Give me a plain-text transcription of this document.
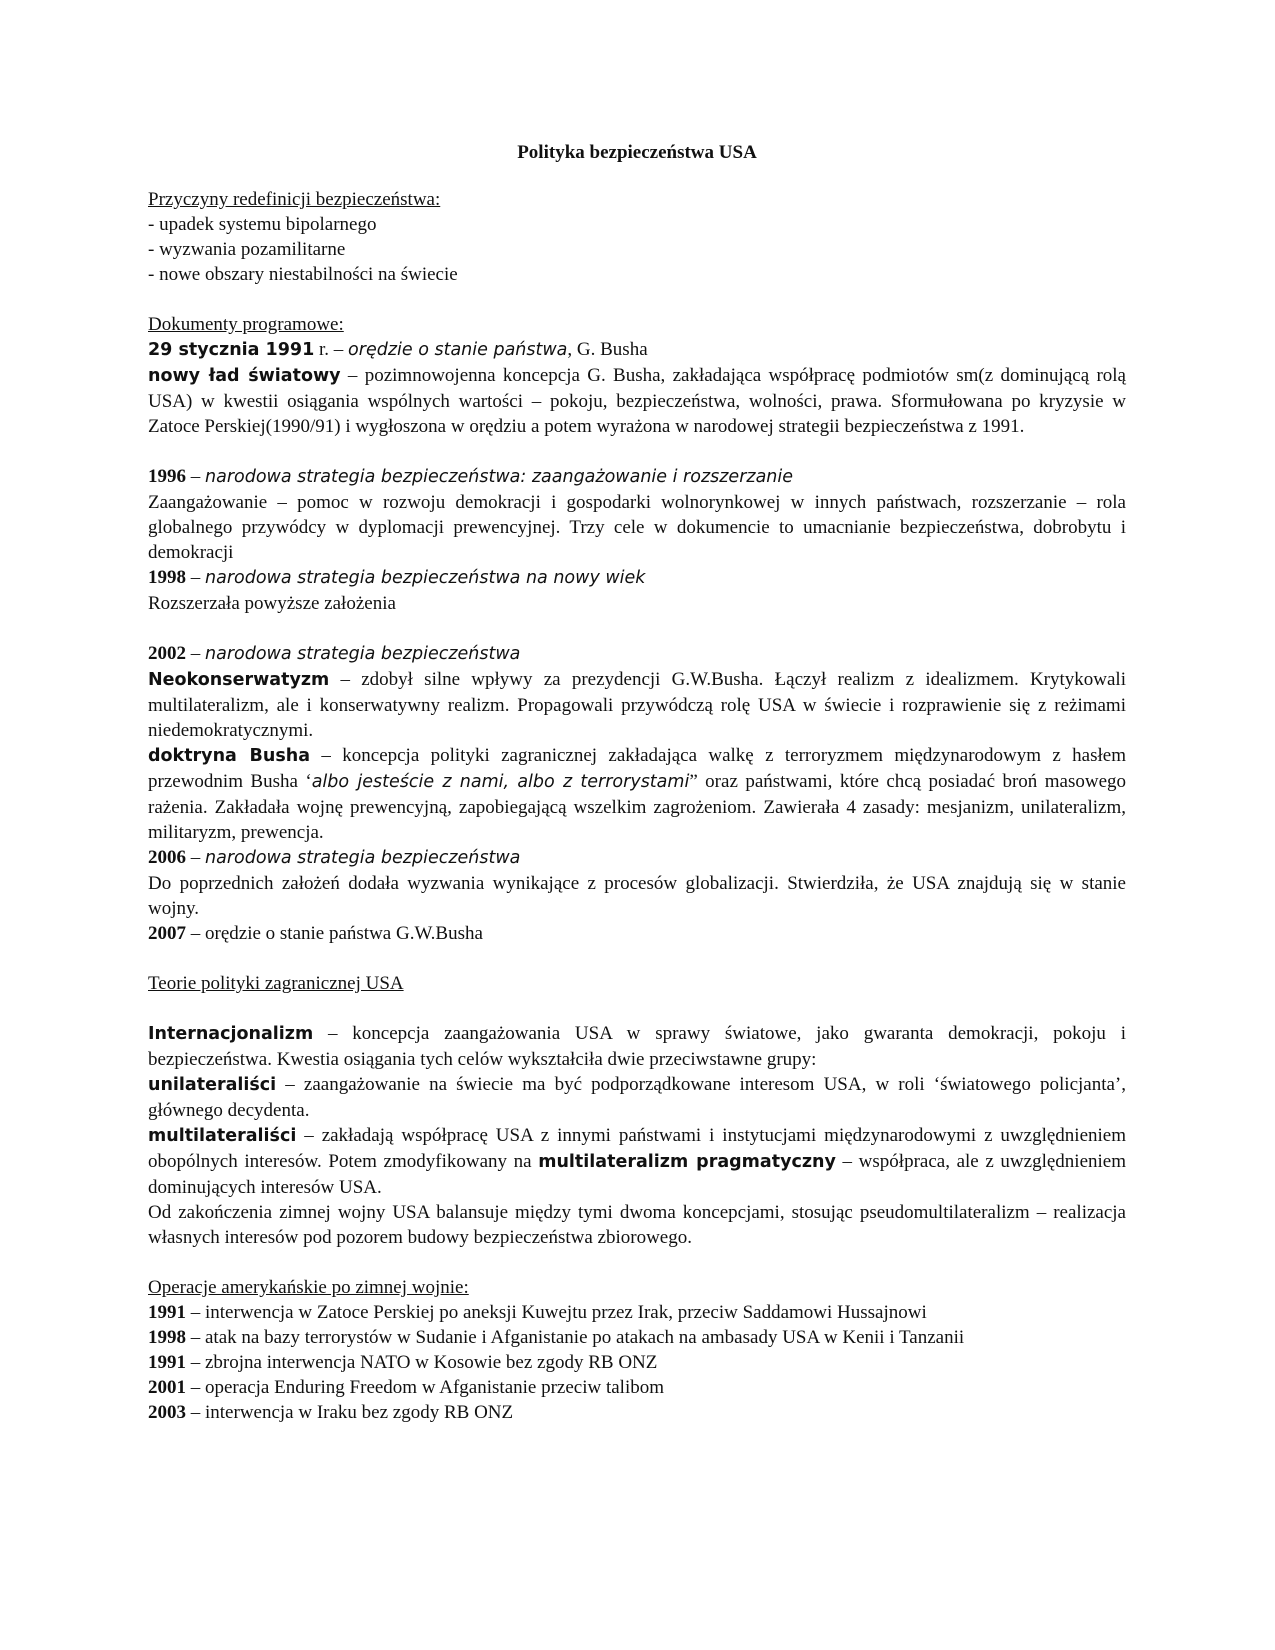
Polityka bezpieczeństwa USA
Przyczyny redefinicji bezpieczeństwa:
- upadek systemu bipolarnego
- wyzwania pozamilitarne
- nowe obszary niestabilności na świecie
Dokumenty programowe:
29 stycznia 1991 r. – orędzie o stanie państwa, G. Busha
nowy ład światowy – pozimnowojenna koncepcja G. Busha, zakładająca współpracę podmiotów sm(z dominującą rolą USA) w kwestii osiągania wspólnych wartości – pokoju, bezpieczeństwa, wolności, prawa. Sformułowana po kryzysie w Zatoce Perskiej(1990/91) i wygłoszona w orędziu a potem wyrażona w narodowej strategii bezpieczeństwa z 1991.
1996 – narodowa strategia bezpieczeństwa: zaangażowanie i rozszerzanie
Zaangażowanie – pomoc w rozwoju demokracji i gospodarki wolnorynkowej w innych państwach, rozszerzanie – rola globalnego przywódcy w dyplomacji prewencyjnej. Trzy cele w dokumencie to umacnianie bezpieczeństwa, dobrobytu i demokracji
1998 – narodowa strategia bezpieczeństwa na nowy wiek
Rozszerzała powyższe założenia
2002 – narodowa strategia bezpieczeństwa
Neokonserwatyzm – zdobył silne wpływy za prezydencji G.W.Busha. Łączył realizm z idealizmem. Krytykowali multilateralizm, ale i konserwatywny realizm. Propagowali przywódczą rolę USA w świecie i rozprawienie się z reżimami niedemokratycznymi.
doktryna Busha – koncepcja polityki zagranicznej zakładająca walkę z terroryzmem międzynarodowym z hasłem przewodnim Busha ‘albo jesteście z nami, albo z terrorystami” oraz państwami, które chcą posiadać broń masowego rażenia. Zakładała wojnę prewencyjną, zapobiegającą wszelkim zagrożeniom. Zawierała 4 zasady: mesjanizm, unilateralizm, militaryzm, prewencja.
2006 – narodowa strategia bezpieczeństwa
Do poprzednich założeń dodała wyzwania wynikające z procesów globalizacji. Stwierdziła, że USA znajdują się w stanie wojny.
2007 – orędzie o stanie państwa G.W.Busha
Teorie polityki zagranicznej USA
Internacjonalizm – koncepcja zaangażowania USA w sprawy światowe, jako gwaranta demokracji, pokoju i bezpieczeństwa. Kwestia osiągania tych celów wykształciła dwie przeciwstawne grupy:
unilateraliści – zaangażowanie na świecie ma być podporządkowane interesom USA, w roli ‘światowego policjanta’, głównego decydenta.
multilateraliści – zakładają współpracę USA z innymi państwami i instytucjami międzynarodowymi z uwzględnieniem obopólnych interesów. Potem zmodyfikowany na multilateralizm pragmatyczny – współpraca, ale z uwzględnieniem dominujących interesów USA.
Od zakończenia zimnej wojny USA balansuje między tymi dwoma koncepcjami, stosując pseudomultilateralizm – realizacja własnych interesów pod pozorem budowy bezpieczeństwa zbiorowego.
Operacje amerykańskie po zimnej wojnie:
1991 – interwencja w Zatoce Perskiej po aneksji Kuwejtu przez Irak, przeciw Saddamowi Hussajnowi
1998 – atak na bazy terrorystów w Sudanie i Afganistanie po atakach na ambasady USA w Kenii i Tanzanii
1991 – zbrojna interwencja NATO w Kosowie bez zgody RB ONZ
2001 – operacja Enduring Freedom w Afganistanie przeciw talibom
2003 – interwencja w Iraku bez zgody RB ONZ
